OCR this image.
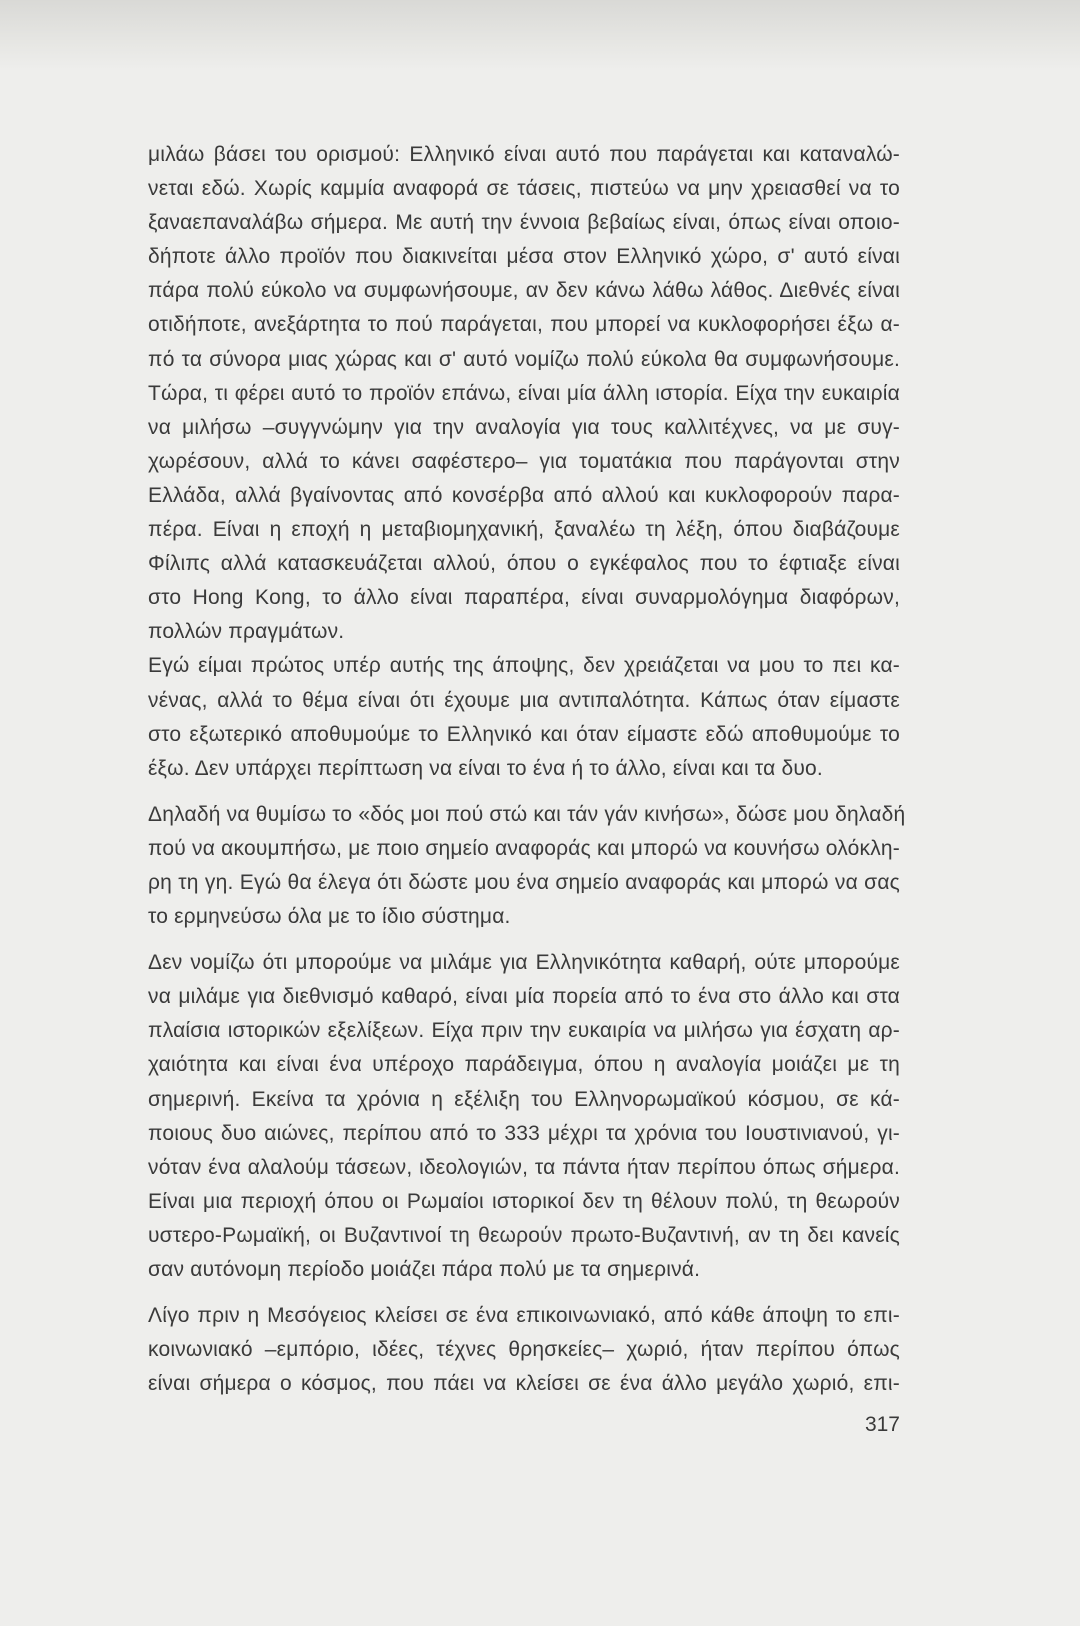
μιλάω βάσει του ορισμού: Ελληνικό είναι αυτό που παράγεται και καταναλώ-
νεται εδώ. Χωρίς καμμία αναφορά σε τάσεις, πιστεύω να μην χρειασθεί να το
ξαναεπαναλάβω σήμερα. Με αυτή την έννοια βεβαίως είναι, όπως είναι οποιο-
δήποτε άλλο προϊόν που διακινείται μέσα στον Ελληνικό χώρο, σ' αυτό είναι
πάρα πολύ εύκολο να συμφωνήσουμε, αν δεν κάνω λάθω λάθος. Διεθνές είναι
οτιδήποτε, ανεξάρτητα το πού παράγεται, που μπορεί να κυκλοφορήσει έξω α-
πό τα σύνορα μιας χώρας και σ' αυτό νομίζω πολύ εύκολα θα συμφωνήσουμε.
Τώρα, τι φέρει αυτό το προϊόν επάνω, είναι μία άλλη ιστορία. Είχα την ευκαιρία
να μιλήσω –συγγνώμην για την αναλογία για τους καλλιτέχνες, να με συγ-
χωρέσουν, αλλά το κάνει σαφέστερο– για τοματάκια που παράγονται στην
Ελλάδα, αλλά βγαίνοντας από κονσέρβα από αλλού και κυκλοφορούν παρα-
πέρα. Είναι η εποχή η μεταβιομηχανική, ξαναλέω τη λέξη, όπου διαβάζουμε
Φίλιπς αλλά κατασκευάζεται αλλού, όπου ο εγκέφαλος που το έφτιαξε είναι
στο Hong Kong, το άλλο είναι παραπέρα, είναι συναρμολόγημα διαφόρων,
πολλών πραγμάτων.
Εγώ είμαι πρώτος υπέρ αυτής της άποψης, δεν χρειάζεται να μου το πει κα-
νένας, αλλά το θέμα είναι ότι έχουμε μια αντιπαλότητα. Κάπως όταν είμαστε
στο εξωτερικό αποθυμούμε το Ελληνικό και όταν είμαστε εδώ αποθυμούμε το
έξω. Δεν υπάρχει περίπτωση να είναι το ένα ή το άλλο, είναι και τα δυο.
Δηλαδή να θυμίσω το «δός μοι πού στώ και τάν γάν κινήσω», δώσε μου δηλαδή
πού να ακουμπήσω, με ποιο σημείο αναφοράς και μπορώ να κουνήσω ολόκλη-
ρη τη γη. Εγώ θα έλεγα ότι δώστε μου ένα σημείο αναφοράς και μπορώ να σας
το ερμηνεύσω όλα με το ίδιο σύστημα.
Δεν νομίζω ότι μπορούμε να μιλάμε για Ελληνικότητα καθαρή, ούτε μπορούμε
να μιλάμε για διεθνισμό καθαρό, είναι μία πορεία από το ένα στο άλλο και στα
πλαίσια ιστορικών εξελίξεων. Είχα πριν την ευκαιρία να μιλήσω για έσχατη αρ-
χαιότητα και είναι ένα υπέροχο παράδειγμα, όπου η αναλογία μοιάζει με τη
σημερινή. Εκείνα τα χρόνια η εξέλιξη του Ελληνορωμαϊκού κόσμου, σε κά-
ποιους δυο αιώνες, περίπου από το 333 μέχρι τα χρόνια του Ιουστινιανού, γι-
νόταν ένα αλαλούμ τάσεων, ιδεολογιών, τα πάντα ήταν περίπου όπως σήμερα.
Είναι μια περιοχή όπου οι Ρωμαίοι ιστορικοί δεν τη θέλουν πολύ, τη θεωρούν
υστερο-Ρωμαϊκή, οι Βυζαντινοί τη θεωρούν πρωτο-Βυζαντινή, αν τη δει κανείς
σαν αυτόνομη περίοδο μοιάζει πάρα πολύ με τα σημερινά.
Λίγο πριν η Μεσόγειος κλείσει σε ένα επικοινωνιακό, από κάθε άποψη το επι-
κοινωνιακό –εμπόριο, ιδέες, τέχνες θρησκείες– χωριό, ήταν περίπου όπως
είναι σήμερα ο κόσμος, που πάει να κλείσει σε ένα άλλο μεγάλο χωριό, επι-
317
